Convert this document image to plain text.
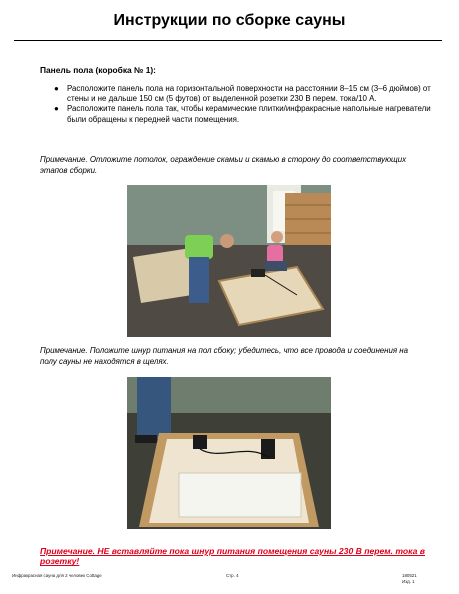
Инструкции по сборке сауны
Панель пола (коробка № 1):
● Расположите панель пола на горизонтальной поверхности на расстоянии 8–15 см (3–6 дюймов) от стены и не дальше 150 см (5 футов) от выделенной розетки 230 В перем. тока/10 А.
● Расположите панель пола так, чтобы керамические плитки/инфракрасные напольные нагреватели были обращены к передней части помещения.
Примечание. Отложите потолок, ограждение скамьи и скамью в сторону до соответствующих этапов сборки.
Примечание. Положите шнур питания на пол сбоку; убедитесь, что все провода и соединения на полу сауны не находятся в щелях.
Примечание. НЕ вставляйте пока шнур питания помещения сауны 230 В перем. тока в розетку!
Инфракрасная сауна для 2 человек Cottage	Стр. 4	180521
Изд. 1
